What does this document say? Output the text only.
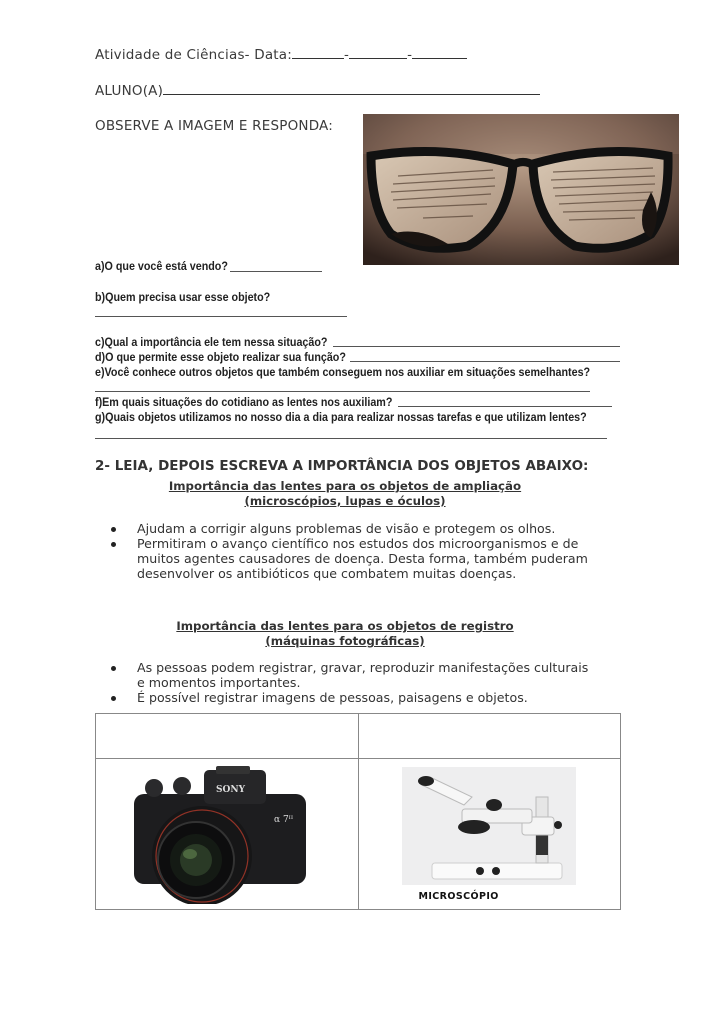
Atividade de Ciências- Data:	-	-
ALUNO(A)
OBSERVE A IMAGEM E RESPONDA:
a)O que você está vendo?
b)Quem precisa usar esse objeto?
c)Qual a importância ele tem nessa situação?
d)O que permite esse objeto realizar sua função?
e)Você conhece outros objetos que também conseguem nos auxiliar em situações semelhantes?
f)Em quais situações do cotidiano as lentes nos auxiliam?
g)Quais objetos utilizamos no nosso dia a dia para realizar nossas tarefas e que utilizam lentes?
2- LEIA, DEPOIS ESCREVA A IMPORTÂNCIA DOS OBJETOS ABAIXO:
Importância das lentes para os objetos de ampliação
(microscópios, lupas e óculos)
Ajudam a corrigir alguns problemas de visão e protegem os olhos.
Permitiram o avanço científico nos estudos dos microorganismos e de muitos agentes causadores de doença. Desta forma, também puderam desenvolver os antibióticos que combatem muitas doenças.
Importância das lentes para os objetos de registro
(máquinas fotográficas)
As pessoas podem registrar, gravar, reproduzir manifestações culturais e momentos importantes.
É possível registrar imagens de pessoas, paisagens e objetos.

SONY
α 7ᴵᴵ	MICROSCÓPIO
